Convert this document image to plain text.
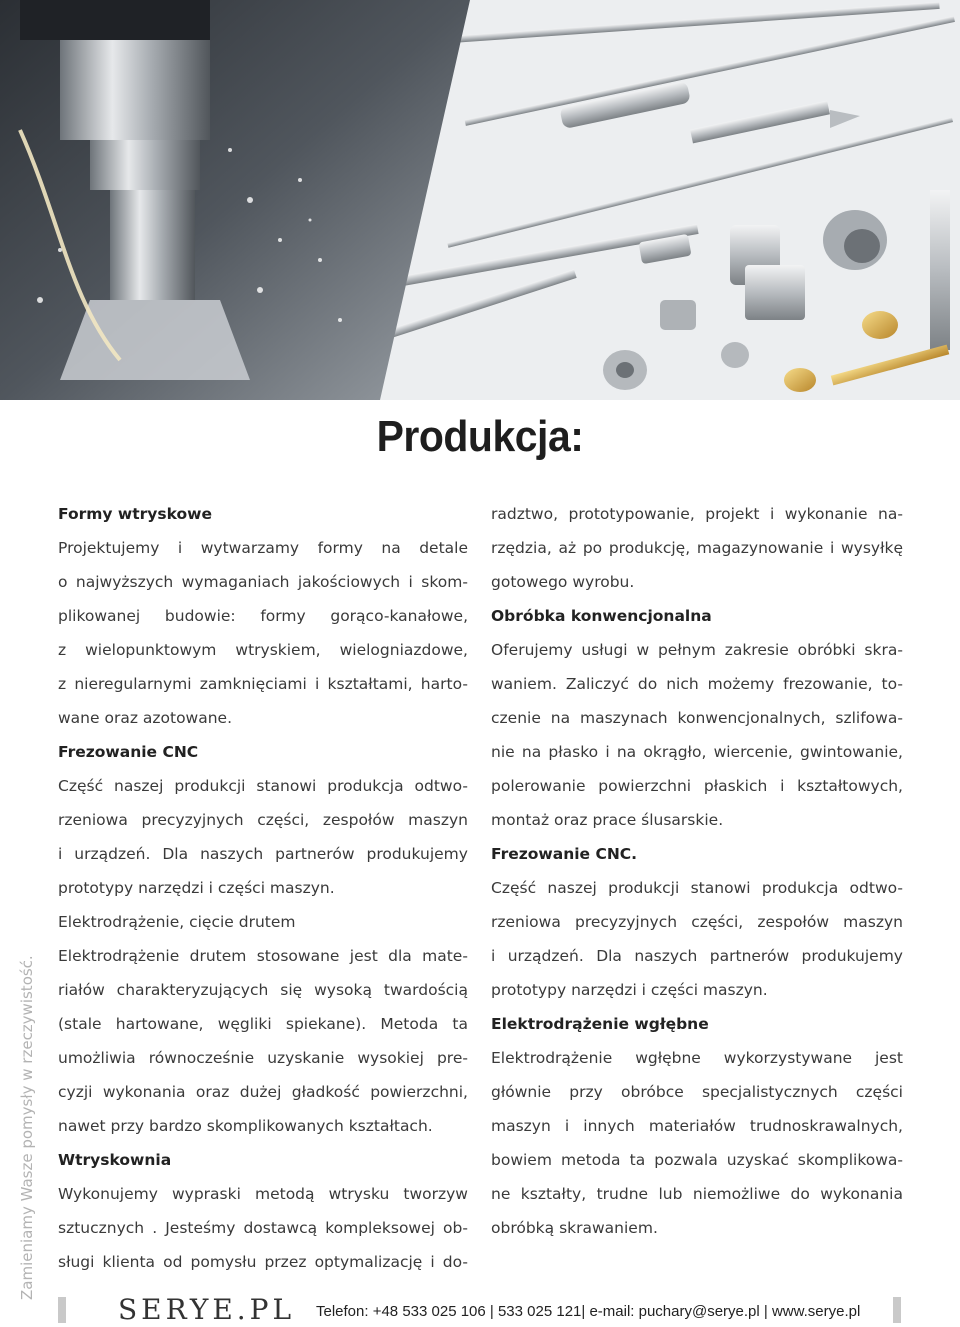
Produkcja:
Zamieniamy Wasze pomysły w rzeczywistość.
Formy wtryskowe

Projektujemy i wytwarzamy formy na detale
o najwyższych wymaganiach jakościowych i skom-
plikowanej budowie: formy gorąco-kanałowe,
z wielopunktowym wtryskiem, wielogniazdowe,
z nieregularnymi zamknięciami i kształtami, harto-
wane oraz azotowane.

Frezowanie CNC

Część naszej produkcji stanowi produkcja odtwo-
rzeniowa precyzyjnych części, zespołów maszyn
i urządzeń. Dla naszych partnerów produkujemy
prototypy narzędzi i części maszyn.

Elektrodrążenie, cięcie drutem

Elektrodrążenie drutem stosowane jest dla mate-
riałów charakteryzujących się wysoką twardością
(stale hartowane, węgliki spiekane). Metoda ta
umożliwia równocześnie uzyskanie wysokiej pre-
cyzji wykonania oraz dużej gładkość powierzchni,
nawet przy bardzo skomplikowanych kształtach.

Wtryskownia

Wykonujemy wypraski metodą wtrysku tworzyw
sztucznych . Jesteśmy dostawcą kompleksowej ob-
sługi klienta od pomysłu przez optymalizację i do-

radztwo, prototypowanie, projekt i wykonanie na-
rzędzia, aż po produkcję, magazynowanie i wysyłkę
gotowego wyrobu.

Obróbka konwencjonalna

Oferujemy usługi w pełnym zakresie obróbki skra-
waniem. Zaliczyć do nich możemy frezowanie, to-
czenie na maszynach konwencjonalnych, szlifowa-
nie na płasko i na okrągło, wiercenie, gwintowanie,
polerowanie powierzchni płaskich i kształtowych,
montaż oraz prace ślusarskie.

Frezowanie CNC.

Część naszej produkcji stanowi produkcja odtwo-
rzeniowa precyzyjnych części, zespołów maszyn
i urządzeń. Dla naszych partnerów produkujemy
prototypy narzędzi i części maszyn.

Elektrodrążenie wgłębne

Elektrodrążenie wgłębne wykorzystywane jest
głównie przy obróbce specjalistycznych części
maszyn i innych materiałów trudnoskrawalnych,
bowiem metoda ta pozwala uzyskać skomplikowa-
ne kształty, trudne lub niemożliwe do wykonania
obróbką skrawaniem.

SERYE.PL Telefon: +48 533 025 106 | 533 025 121| e-mail: puchary@serye.pl | www.serye.pl
